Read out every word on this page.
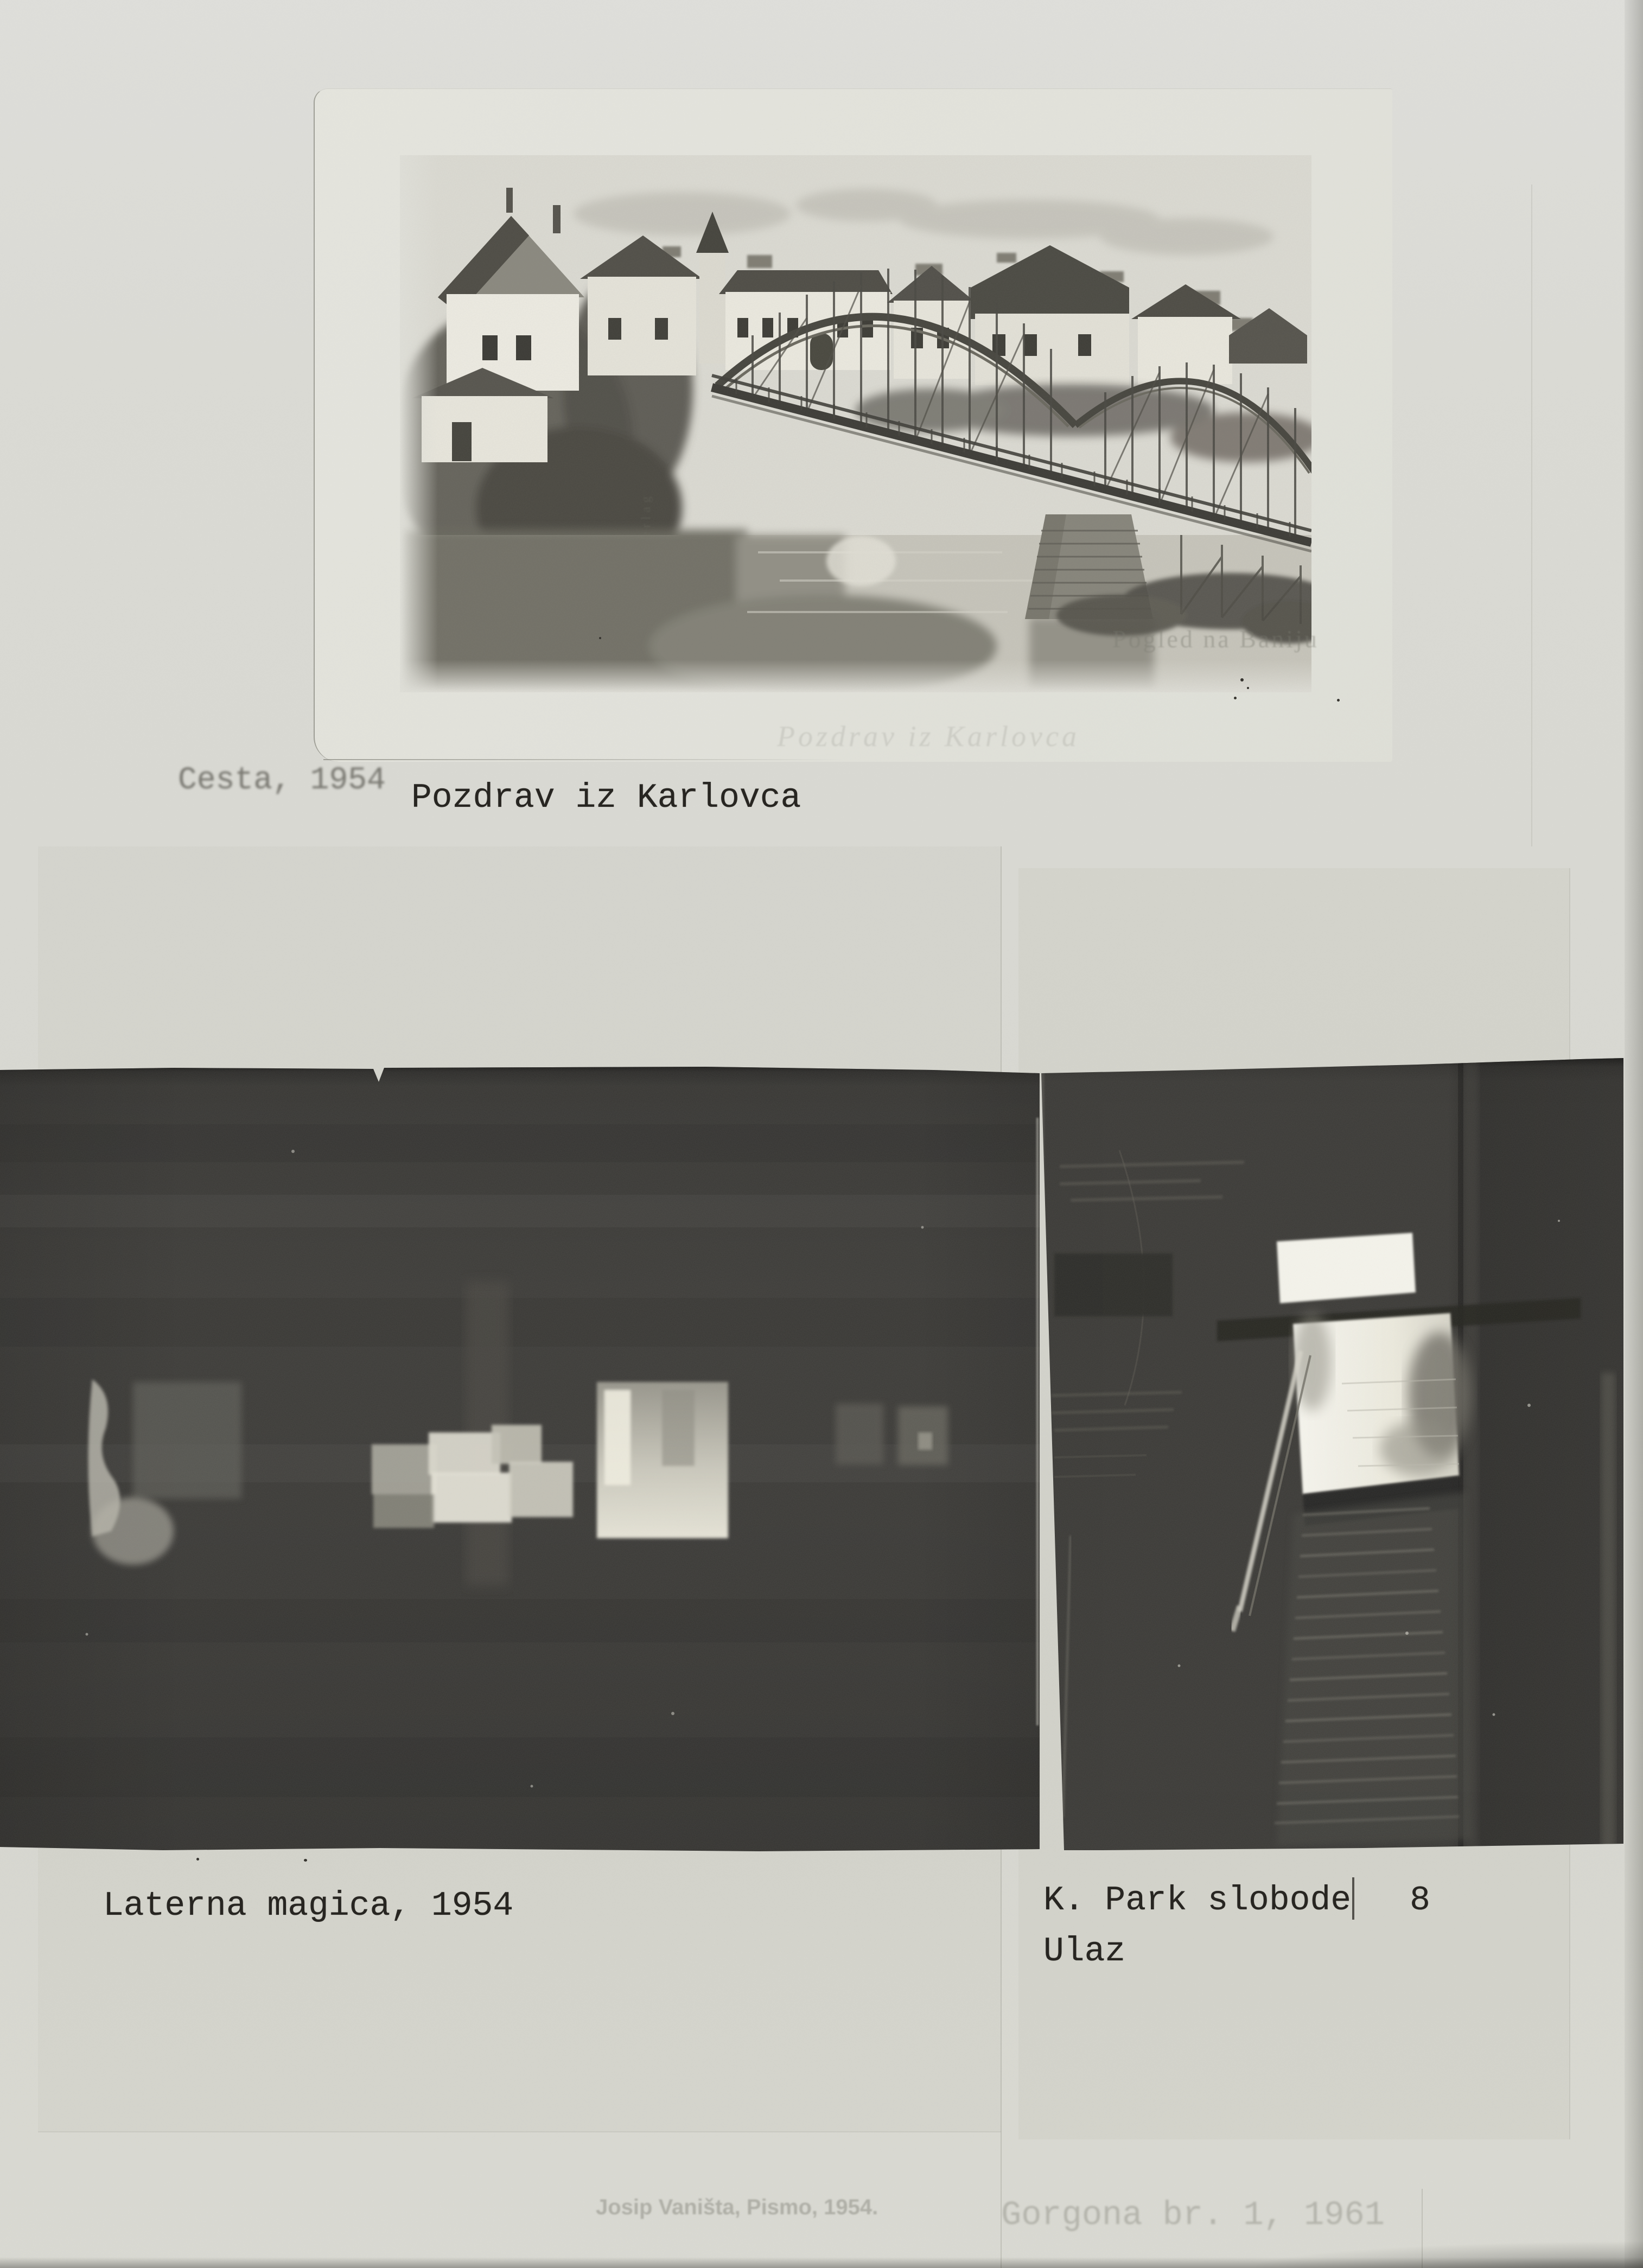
Pozdrav iz Karlovca
Pogled na Baniju
2277. Verlag
Pozdrav iz Karlovca
Cesta, 1954
Laterna magica, 1954	K. Park slobode 8
Ulaz
Josip Vaništa, Pismo, 1954.	Gorgona br. 1, 1961
